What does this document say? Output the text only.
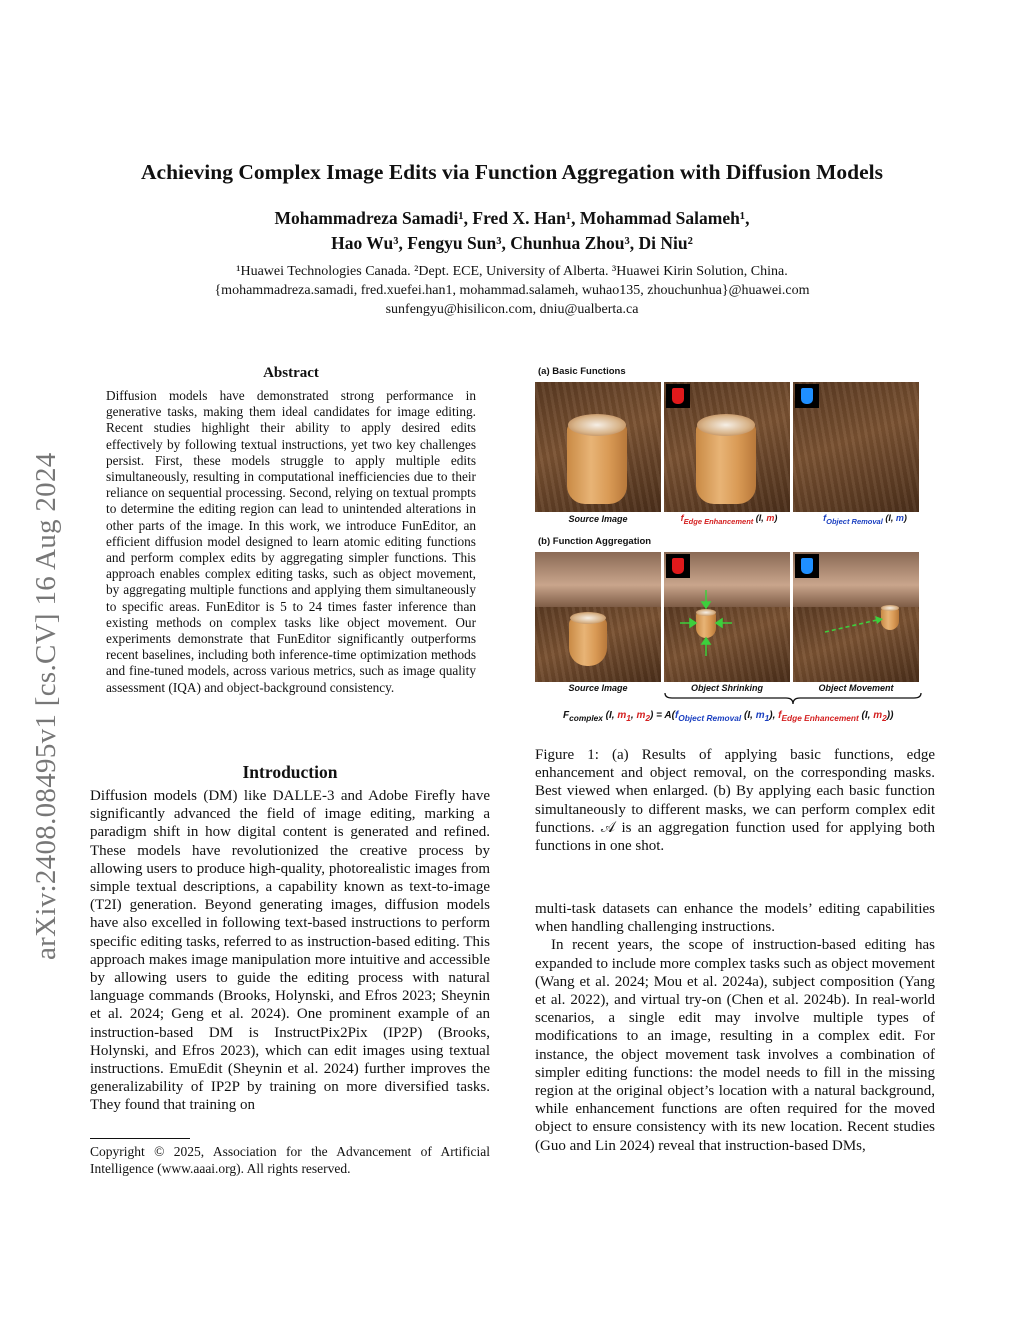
Achieving Complex Image Edits via Function Aggregation with Diffusion Models
Mohammadreza Samadi¹, Fred X. Han¹, Mohammad Salameh¹,
Hao Wu³, Fengyu Sun³, Chunhua Zhou³, Di Niu²
¹Huawei Technologies Canada. ²Dept. ECE, University of Alberta. ³Huawei Kirin Solution, China.
{mohammadreza.samadi, fred.xuefei.han1, mohammad.salameh, wuhao135, zhouchunhua}@huawei.com
sunfengyu@hisilicon.com, dniu@ualberta.ca
arXiv:2408.08495v1 [cs.CV] 16 Aug 2024
Abstract
Diffusion models have demonstrated strong performance in generative tasks, making them ideal candidates for image editing. Recent studies highlight their ability to apply desired edits effectively by following textual instructions, yet two key challenges persist. First, these models struggle to apply multiple edits simultaneously, resulting in computational inefficiencies due to their reliance on sequential processing. Second, relying on textual prompts to determine the editing region can lead to unintended alterations in other parts of the image. In this work, we introduce FunEditor, an efficient diffusion model designed to learn atomic editing functions and perform complex edits by aggregating simpler functions. This approach enables complex editing tasks, such as object movement, by aggregating multiple functions and applying them simultaneously to specific areas. FunEditor is 5 to 24 times faster inference than existing methods on complex tasks like object movement. Our experiments demonstrate that FunEditor significantly outperforms recent baselines, including both inference-time optimization methods and fine-tuned models, across various metrics, such as image quality assessment (IQA) and object-background consistency.
Introduction
Diffusion models (DM) like DALLE-3 and Adobe Firefly have significantly advanced the field of image editing, marking a paradigm shift in how digital content is generated and refined. These models have revolutionized the creative process by allowing users to produce high-quality, photorealistic images from simple textual descriptions, a capability known as text-to-image (T2I) generation. Beyond generating images, diffusion models have also excelled in following text-based instructions to perform specific editing tasks, referred to as instruction-based editing. This approach makes image manipulation more intuitive and accessible by allowing users to guide the editing process with natural language commands (Brooks, Holynski, and Efros 2023; Sheynin et al. 2024; Geng et al. 2024). One prominent example of an instruction-based DM is InstructPix2Pix (IP2P) (Brooks, Holynski, and Efros 2023), which can edit images using textual instructions. EmuEdit (Sheynin et al. 2024) further improves the generalizability of IP2P by training on more diversified tasks. They found that training on
Copyright © 2025, Association for the Advancement of Artificial Intelligence (www.aaai.org). All rights reserved.
(a) Basic Functions
Source Image	$f_{Edge Enhancement}$ (I, m)	$f_{Object Removal}$ (I, m)
(b) Function Aggregation
Source Image	Object Shrinking	Object Movement
$F_{complex}$ (I, $m_1$, $m_2) = A(f_{Object Removal}$ (I, $m_1$), $f_{Edge Enhancement}$ (I, $m_2$))
Figure 1: (a) Results of applying basic functions, edge enhancement and object removal, on the corresponding masks. Best viewed when enlarged. (b) By applying each basic function simultaneously to different masks, we can perform complex edit functions. 𝒜 is an aggregation function used for applying both functions in one shot.

multi-task datasets can enhance the models’ editing capabilities when handling challenging instructions.

In recent years, the scope of instruction-based editing has expanded to include more complex tasks such as object movement (Wang et al. 2024; Mou et al. 2024a), subject composition (Yang et al. 2022), and virtual try-on (Chen et al. 2024b). In real-world scenarios, a single edit may involve multiple types of modifications to an image, resulting in a complex edit. For instance, the object movement task involves a combination of simpler editing functions: the model needs to fill in the missing region at the original object’s location with a natural background, while enhancement functions are often required for the moved object to ensure consistency with its new location. Recent studies (Guo and Lin 2024) reveal that instruction-based DMs,
